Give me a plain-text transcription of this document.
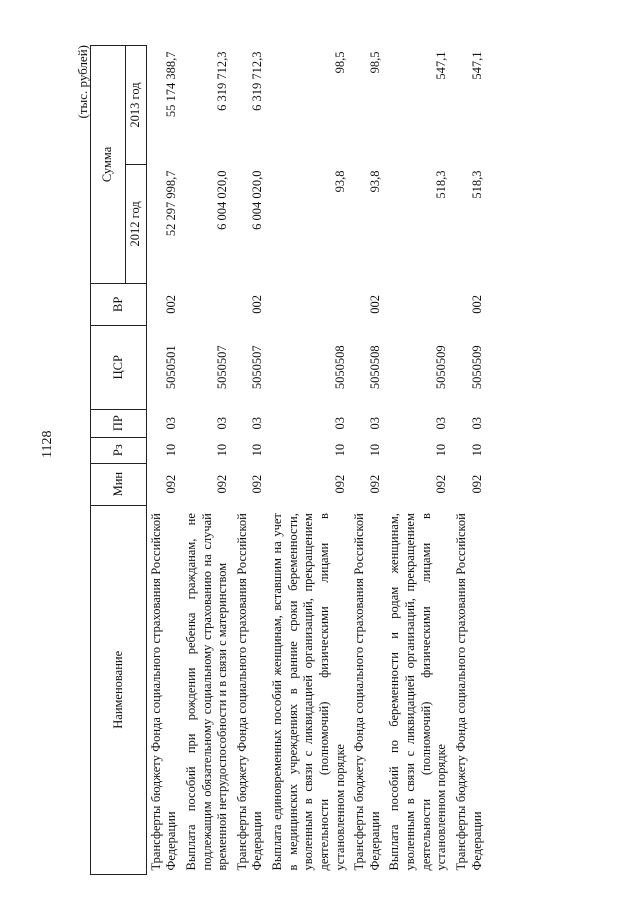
1128
(тыс. рублей)
Наименование	Мин	Рз	ПР	ЦСР	ВР	Сумма	
						2012 год	2013 год
Трансферты бюджету Фонда социального страхования Российской Федерации	092	10	03	5050501	002	52 297 998,7	55 174 388,7
Выплата пособий при рождении ребенка гражданам, не подлежащим обязательному социальному страхованию на случай временной нетрудоспособности и в связи с материнством	092	10	03	5050507		6 004 020,0	6 319 712,3
Трансферты бюджету Фонда социального страхования Российской Федерации	092	10	03	5050507	002	6 004 020,0	6 319 712,3
Выплата единовременных пособий женщинам, вставшим на учет в медицинских учреждениях в ранние сроки беременности, уволенным в связи с ликвидацией организаций, прекращением деятельности (полномочий) физическими лицами в установленном порядке	092	10	03	5050508		93,8	98,5
Трансферты бюджету Фонда социального страхования Российской Федерации	092	10	03	5050508	002	93,8	98,5
Выплата пособий по беременности и родам женщинам, уволенным в связи с ликвидацией организаций, прекращением деятельности (полномочий) физическими лицами в установленном порядке	092	10	03	5050509		518,3	547,1
Трансферты бюджету Фонда социального страхования Российской Федерации	092	10	03	5050509	002	518,3	547,1
